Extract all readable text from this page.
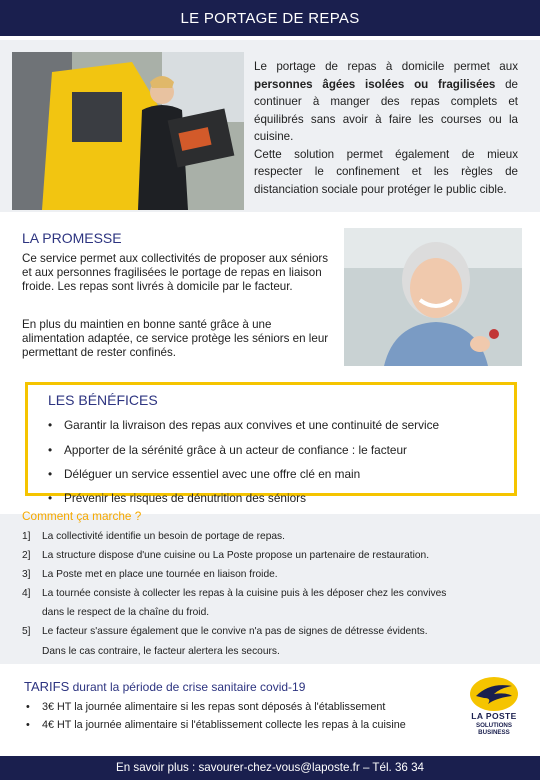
LE PORTAGE DE REPAS
Le portage de repas à domicile permet aux personnes âgées isolées ou fragilisées de continuer à manger des repas complets et équilibrés sans avoir à faire les courses ou la cuisine.
Cette solution permet également de mieux respecter le confinement et les règles de distanciation sociale pour protéger le public cible.
LA PROMESSE
Ce service permet aux collectivités de proposer aux séniors et aux personnes fragilisées le portage de repas en liaison froide. Les repas sont livrés à domicile par le facteur.
En plus du maintien en bonne santé grâce à une alimentation adaptée, ce service protège les séniors en leur permettant de rester confinés.
LES BÉNÉFICES
• Garantir la livraison des repas aux convives et une continuité de service
• Apporter de la sérénité grâce à un acteur de confiance : le facteur
• Déléguer un service essentiel avec une offre clé en main
• Prévenir les risques de dénutrition des séniors
Comment ça marche ?
1] La collectivité identifie un besoin de portage de repas.
2] La structure dispose d'une cuisine ou La Poste propose un partenaire de restauration.
3] La Poste met en place une tournée en liaison froide.
4] La tournée consiste à collecter les repas à la cuisine puis à les déposer chez les convives
dans le respect de la chaîne du froid.
5] Le facteur s'assure également que le convive n'a pas de signes de détresse évidents.
Dans le cas contraire, le facteur alertera les secours.
TARIFS durant la période de crise sanitaire covid-19
• 3€ HT la journée alimentaire si les repas sont déposés à l'établissement
• 4€ HT la journée alimentaire si l'établissement collecte les repas à la cuisine
LA POSTE
SOLUTIONS
BUSINESS
En savoir plus : savourer-chez-vous@laposte.fr – Tél. 36 34
